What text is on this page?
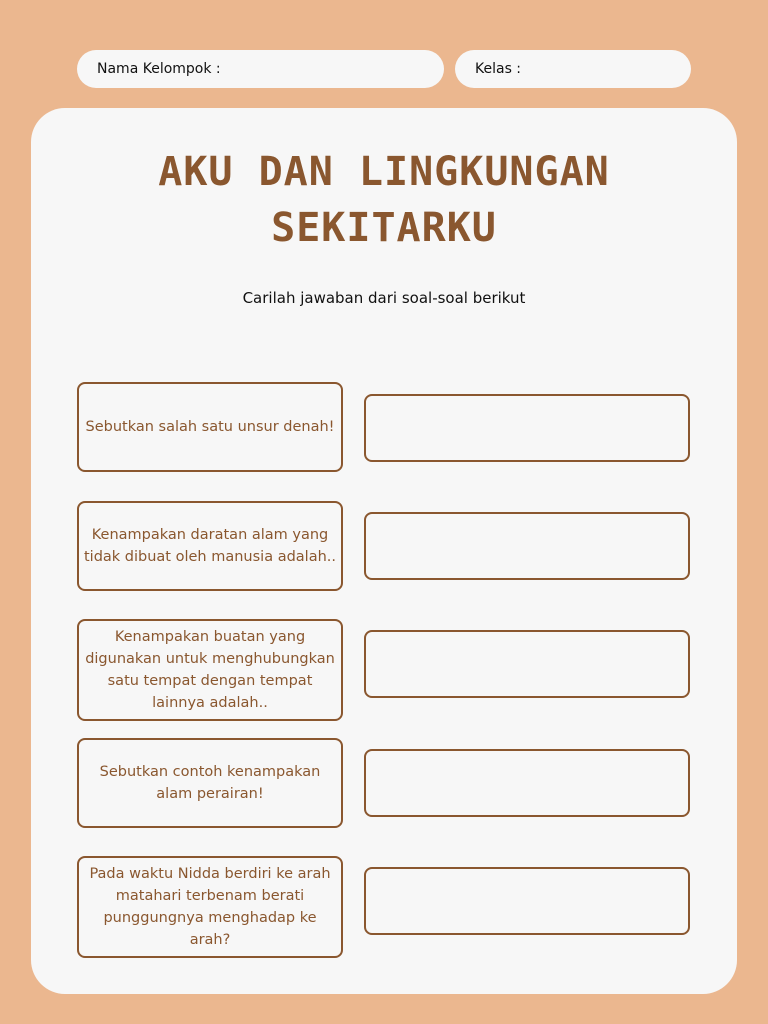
Nama Kelompok :	Kelas :
AKU DAN LINGKUNGAN
SEKITARKU
Carilah jawaban dari soal-soal berikut
Sebutkan salah satu unsur denah!
Kenampakan daratan alam yang tidak dibuat oleh manusia adalah..
Kenampakan buatan yang digunakan untuk menghubungkan satu tempat dengan tempat lainnya adalah..
Sebutkan contoh kenampakan alam perairan!
Pada waktu Nidda berdiri ke arah matahari terbenam berati punggungnya menghadap ke arah?
